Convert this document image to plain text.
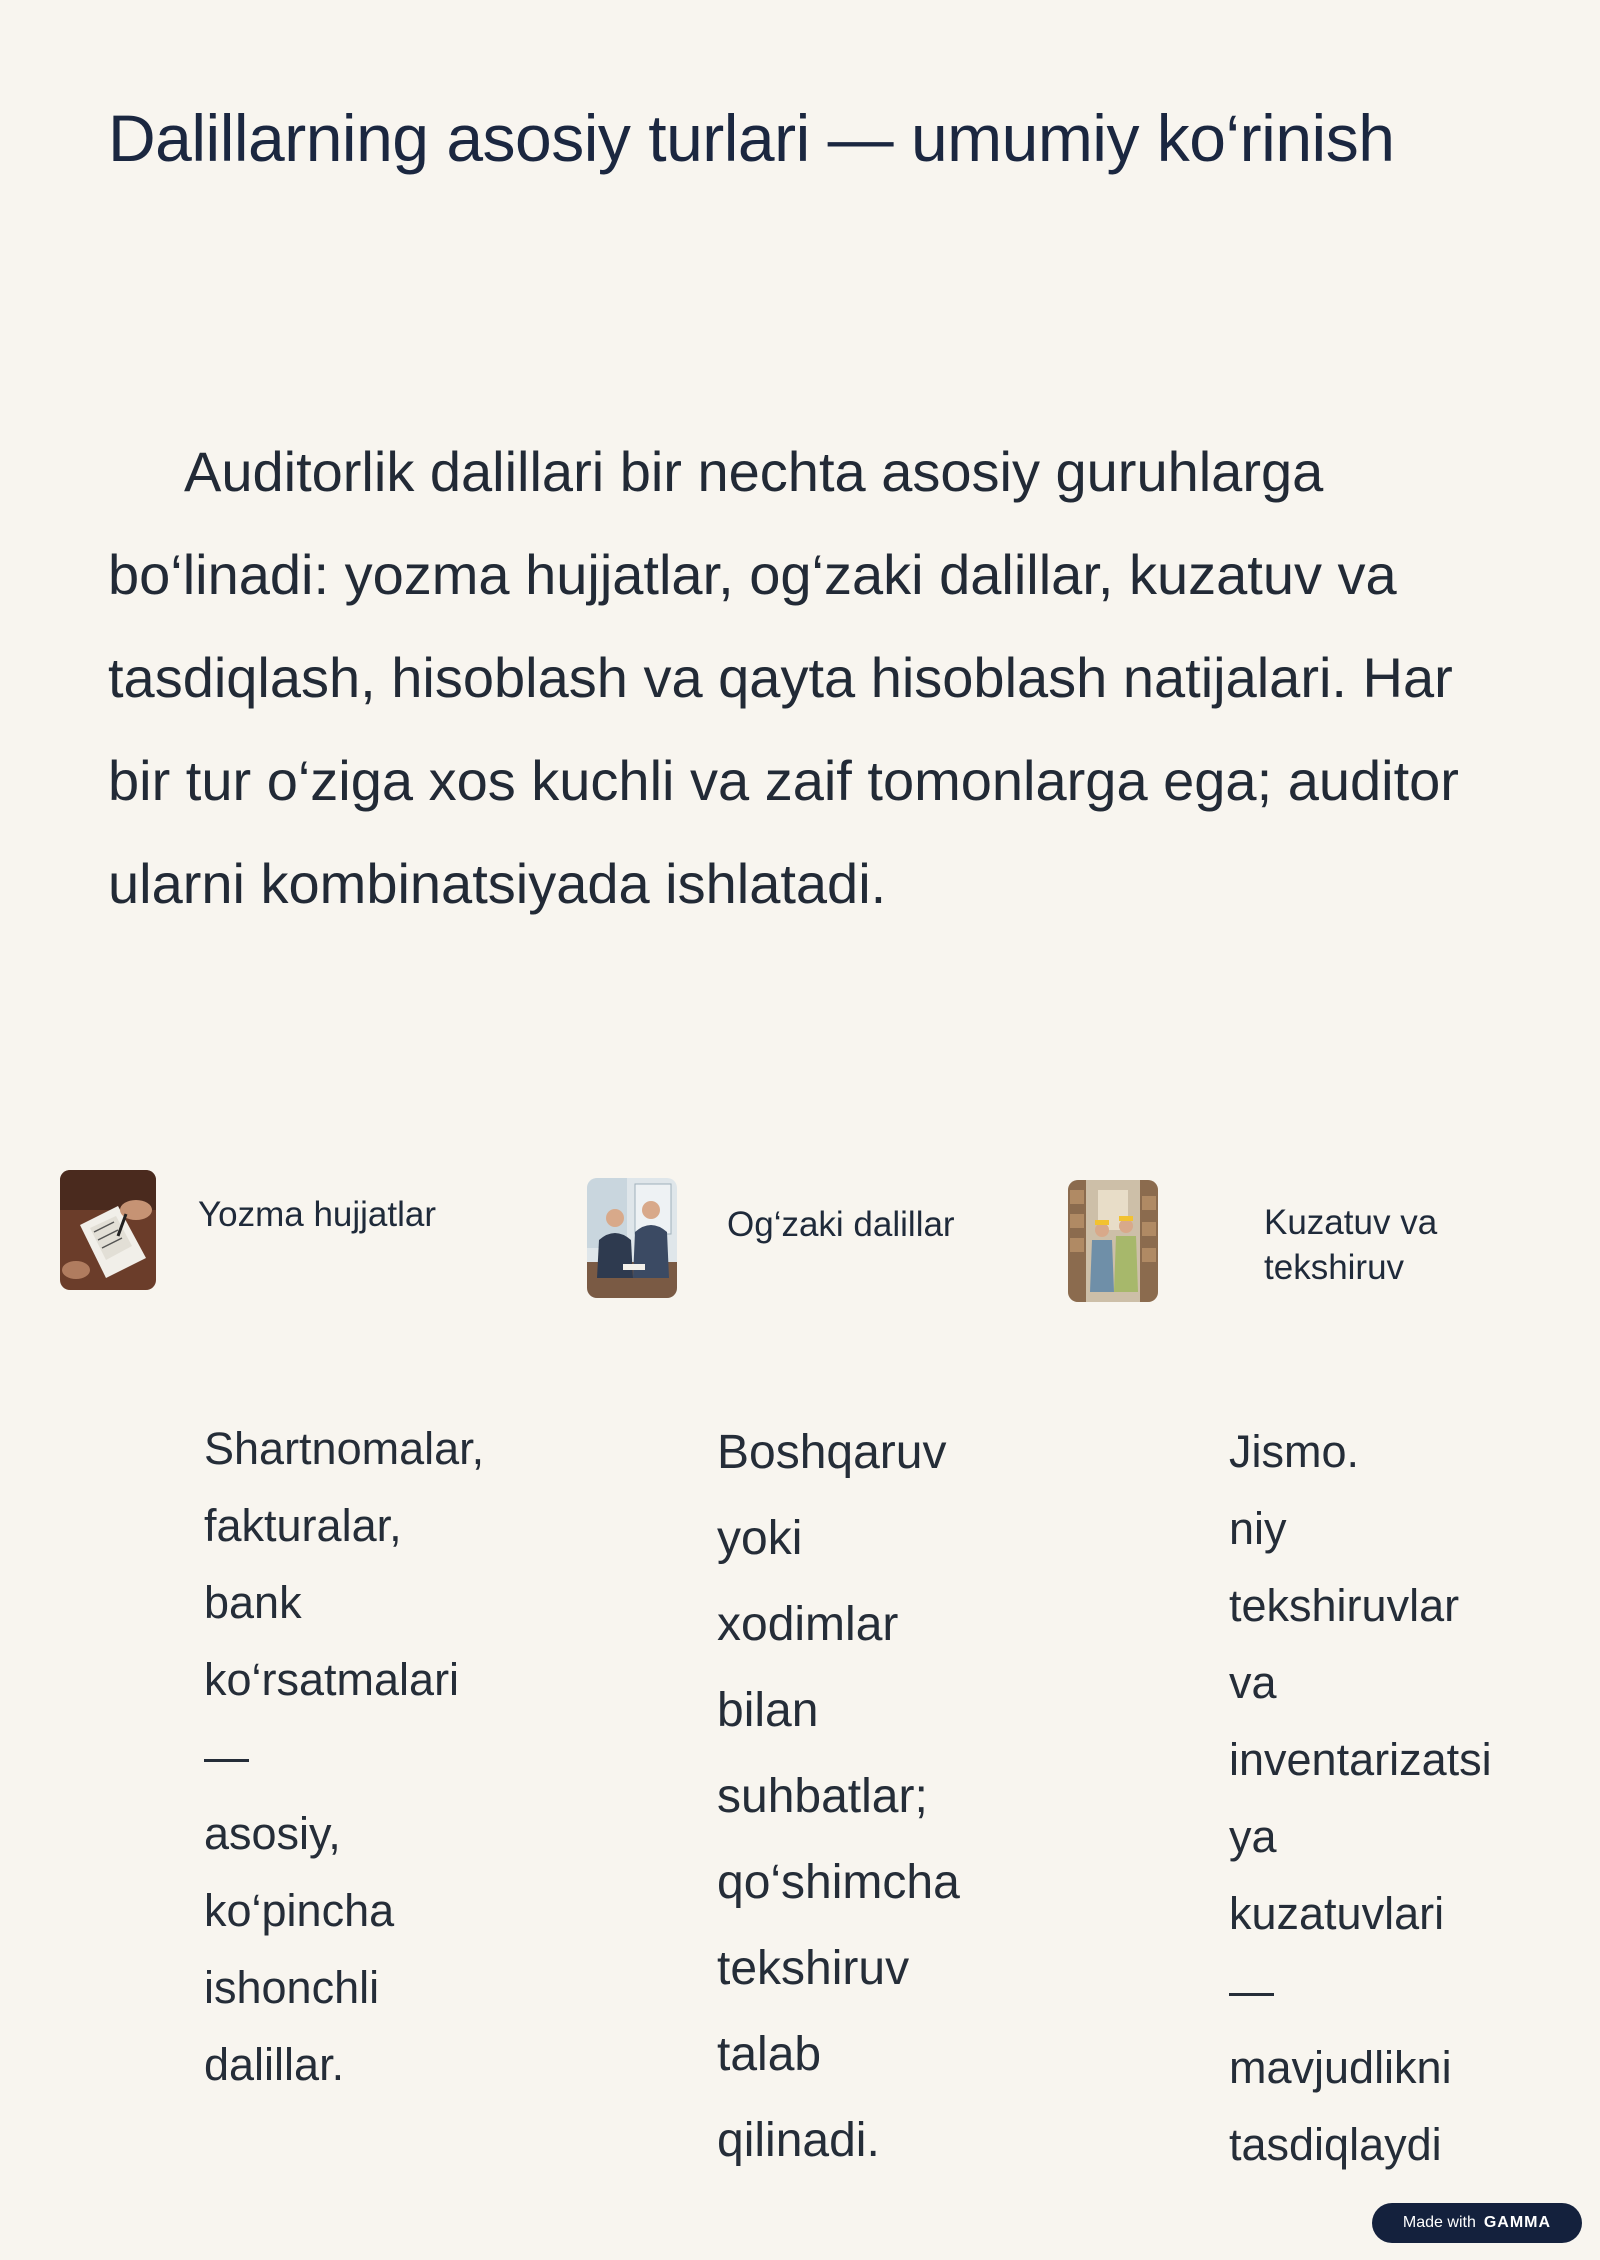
Dalillarning asosiy turlari — umumiy ko‘rinish

Auditorlik dalillari bir nechta asosiy guruhlarga bo‘linadi: yozma hujjatlar, og‘zaki dalillar, kuzatuv va tasdiqlash, hisoblash va qayta hisoblash natijalari. Har bir tur o‘ziga xos kuchli va zaif tomonlarga ega; auditor ularni kombinatsiyada ishlatadi.

Yozma hujjatlar	Og‘zaki dalillar	Kuzatuv va tekshiruv

Shartnomalar, fakturalar, bank ko‘rsatmalari — asosiy, ko‘pincha ishonchli dalillar.

Boshqaruv yoki xodimlar bilan suhbatlar; qo‘shimcha tekshiruv talab qilinadi.

Jismo. niy tekshiruvlar va inventarizatsi ya kuzatuvlari — mavjudlikni tasdiqlaydi

Made with GAMMA
